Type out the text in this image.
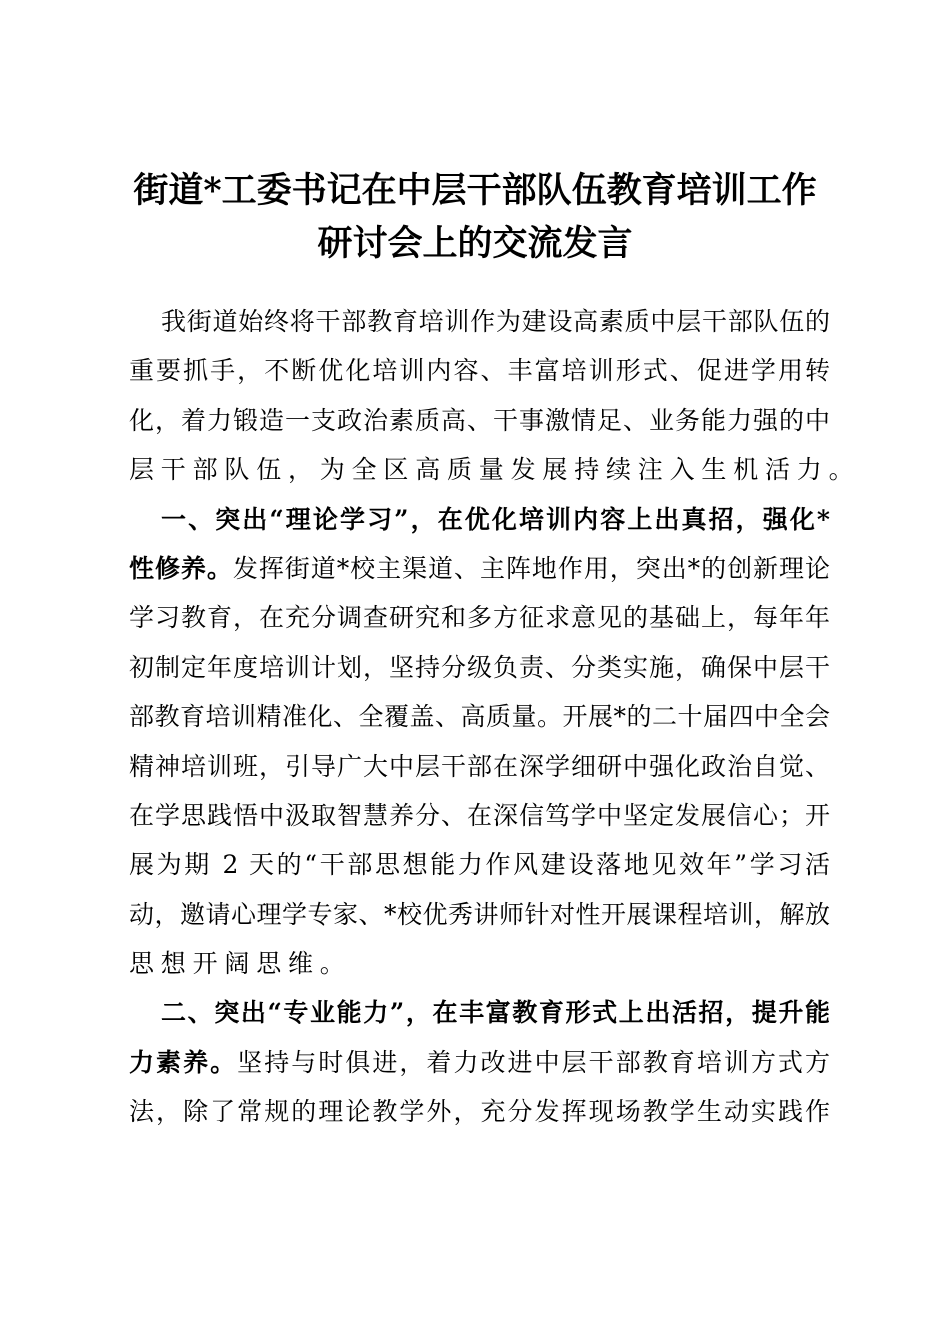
街道*工委书记在中层干部队伍教育培训工作
研讨会上的交流发言
我街道始终将干部教育培训作为建设高素质中层干部队伍的
重要抓手，不断优化培训内容、丰富培训形式、促进学用转
化，着力锻造一支政治素质高、干事激情足、业务能力强的中
层干部队伍，为全区高质量发展持续注入生机活力。
一、突出“理论学习”，在优化培训内容上出真招，强化*
性修养。发挥街道*校主渠道、主阵地作用，突出*的创新理论
学习教育，在充分调查研究和多方征求意见的基础上，每年年
初制定年度培训计划，坚持分级负责、分类实施，确保中层干
部教育培训精准化、全覆盖、高质量。开展*的二十届四中全会
精神培训班，引导广大中层干部在深学细研中强化政治自觉、
在学思践悟中汲取智慧养分、在深信笃学中坚定发展信心；开
展为期 2 天的“干部思想能力作风建设落地见效年”学习活
动，邀请心理学专家、*校优秀讲师针对性开展课程培训，解放
思想开阔思维。
二、突出“专业能力”，在丰富教育形式上出活招，提升能
力素养。坚持与时俱进，着力改进中层干部教育培训方式方
法，除了常规的理论教学外，充分发挥现场教学生动实践作
